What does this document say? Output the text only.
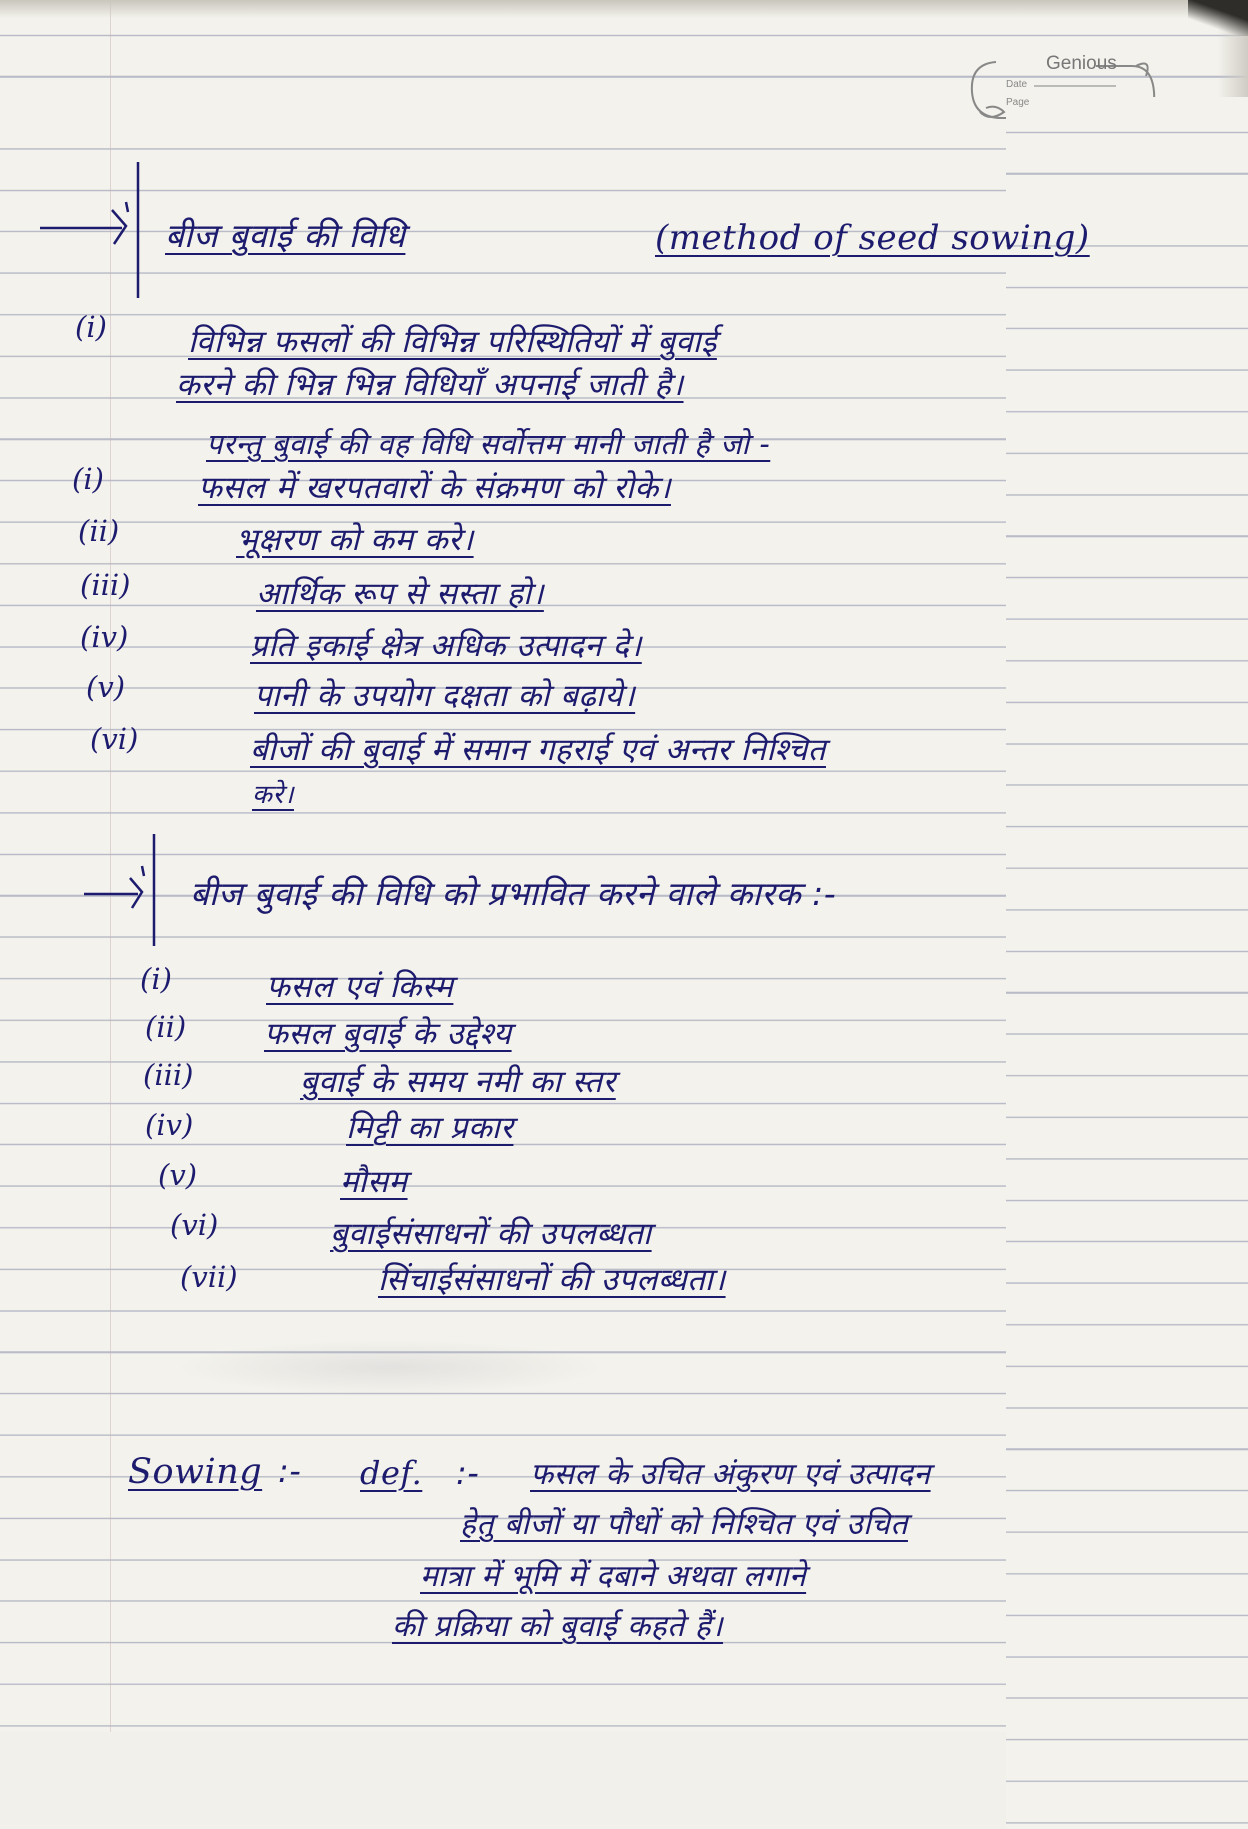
Genious
Date
Page
बीज बुवाई की विधि	(method of seed sowing)
(i)	विभिन्न फसलों की विभिन्न परिस्थितियों में बुवाई
करने की भिन्न भिन्न विधियाँ अपनाई जाती है।
परन्तु बुवाई की वह विधि सर्वोत्तम मानी जाती है जो -
(i)	फसल में खरपतवारों के संक्रमण को रोके।
(ii)	भूक्षरण को कम करे।
(iii)	आर्थिक रूप से सस्ता हो।
(iv)	प्रति इकाई क्षेत्र अधिक उत्पादन दे।
(v)	पानी के उपयोग दक्षता को बढ़ाये।
(vi)	बीजों की बुवाई में समान गहराई एवं अन्तर निश्चित
करे।
बीज बुवाई की विधि को प्रभावित करने वाले कारक :-
(i)	फसल एवं किस्म
(ii)	फसल बुवाई के उद्देश्य
(iii)	बुवाई के समय नमी का स्तर
(iv)	मिट्टी का प्रकार
(v)	मौसम
(vi)	बुवाईसंसाधनों की उपलब्धता
(vii)	सिंचाईसंसाधनों की उपलब्धता।
Sowing :- def. :- फसल के उचित अंकुरण एवं उत्पादन
हेतु बीजों या पौधों को निश्चित एवं उचित
मात्रा में भूमि में दबाने अथवा लगाने
की प्रक्रिया को बुवाई कहते हैं।
